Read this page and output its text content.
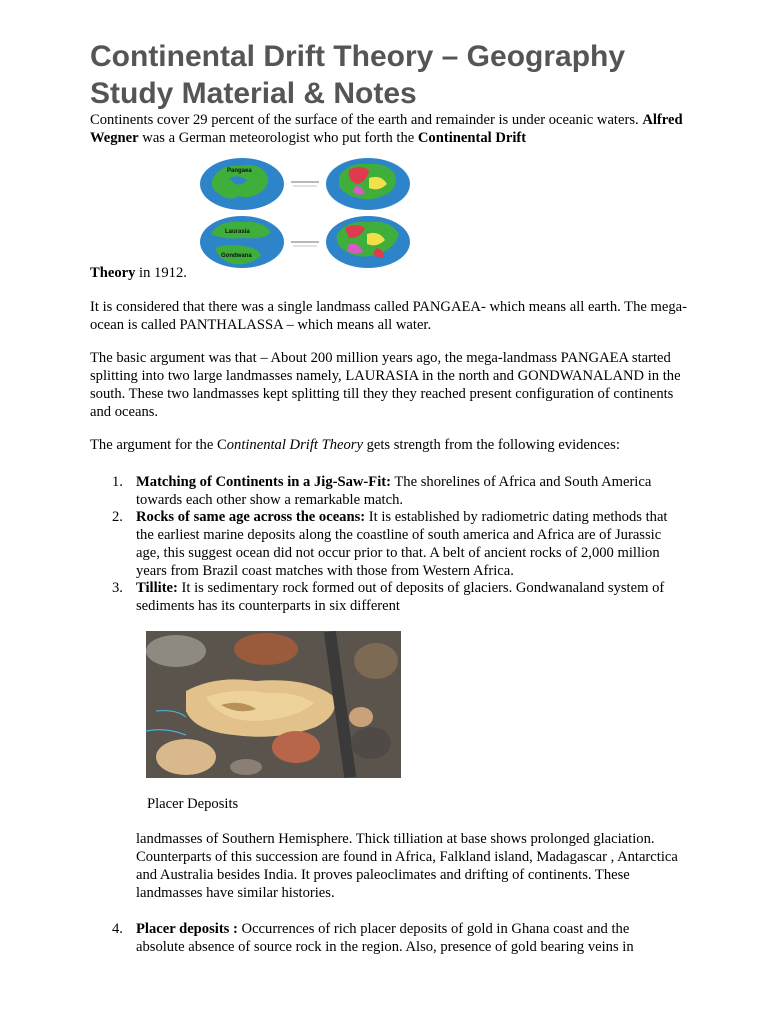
Continental Drift Theory – Geography Study Material & Notes

Continents cover 29 percent of the surface of the earth and remainder is under oceanic waters. Alfred Wegner was a German meteorologist who put forth the Continental Drift

Pangaea
Laurasia
Gondwana

Theory in 1912.

It is considered that there was a single landmass called PANGAEA- which means all earth. The mega-ocean is called PANTHALASSA – which means all water.

The basic argument was that – About 200 million years ago, the mega-landmass PANGAEA started splitting into two large landmasses namely, LAURASIA in the north and GONDWANALAND in the south. These two landmasses kept splitting till they they reached present configuration of continents and oceans.

The argument for the Continental Drift Theory gets strength from the following evidences:

1. Matching of Continents in a Jig-Saw-Fit: The shorelines of Africa and South America towards each other show a remarkable match.

2. Rocks of same age across the oceans: It is established by radiometric dating methods that the earliest marine deposits along the coastline of south america and Africa are of Jurassic age, this suggest ocean did not occur prior to that. A belt of ancient rocks of 2,000 million years from Brazil coast matches with those from Western Africa.

3. Tillite: It is sedimentary rock formed out of deposits of glaciers. Gondwanaland system of sediments has its counterparts in six different

Placer Deposits

landmasses of Southern Hemisphere. Thick tilliation at base shows prolonged glaciation. Counterparts of this succession are found in Africa, Falkland island, Madagascar , Antarctica and Australia besides India. It proves paleoclimates and drifting of continents. These landmasses have similar histories.

4. Placer deposits : Occurrences of rich placer deposits of gold in Ghana coast and the absolute absence of source rock in the region. Also, presence of gold bearing veins in
